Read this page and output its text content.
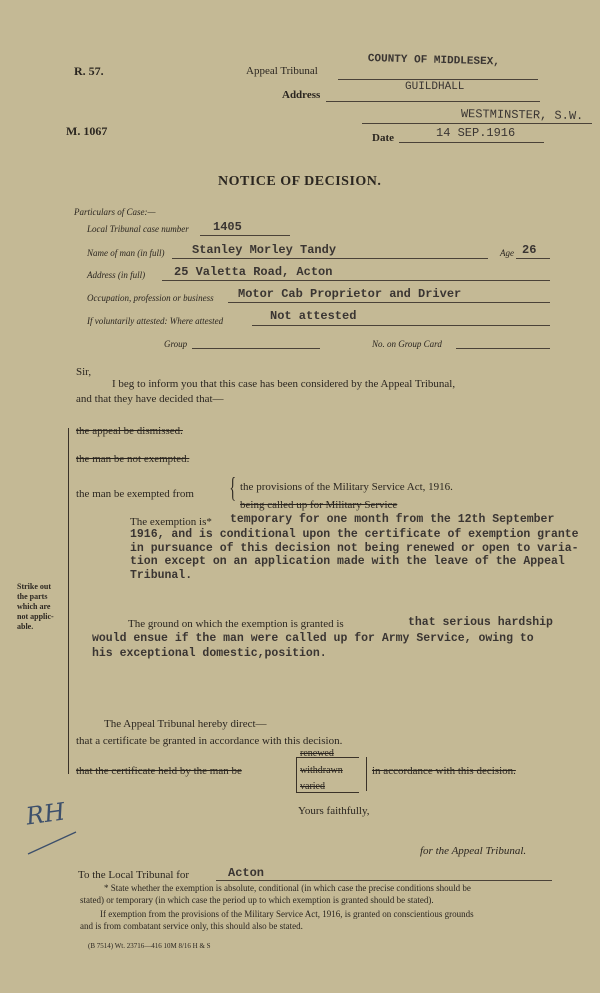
R. 57.	Appeal Tribunal
COUNTY OF MIDDLESEX,
Address
GUILDHALL
WESTMINSTER, S.W.
M. 1067	Date	14 SEP.1916
NOTICE OF DECISION.
Particulars of Case:—
Local Tribunal case number 1405
Name of man (in full) Stanley Morley Tandy	Age 26
Address (in full) 25 Valetta Road, Acton
Occupation, profession or business Motor Cab Proprietor and Driver
If voluntarily attested: Where attested	Not attested
Group	No. on Group Card
Sir,
I beg to inform you that this case has been considered by the Appeal Tribunal,
and that they have decided that—
the appeal be dismissed.
the man be not exempted.
the man be exempted from { the provisions of the Military Service Act, 1916.
being called up for Military Service
The exemption is* temporary for one month from the 12th September
1916, and is conditional upon the certificate of exemption grante
in pursuance of this decision not being renewed or open to varia-
tion except on an application made with the leave of the Appeal
Tribunal.
Strike out
the parts
which are
not applic-
able.	The ground on which the exemption is granted is	that serious hardship
would ensue if the man were called up for Army Service, owing to
his exceptional domestic,position.
The Appeal Tribunal hereby direct—
that a certificate be granted in accordance with this decision.
that the certificate held by the man be
renewed
withdrawn
varied
in accordance with this decision.
Yours faithfully,
RH
for the Appeal Tribunal.
To the Local Tribunal for	Acton
* State whether the exemption is absolute, conditional (in which case the precise conditions should be
stated) or temporary (in which case the period up to which exemption is granted should be stated).
If exemption from the provisions of the Military Service Act, 1916, is granted on conscientious grounds
and is from combatant service only, this should also be stated.
(B 7514) Wt. 23716—416 10M 8/16 H & S
